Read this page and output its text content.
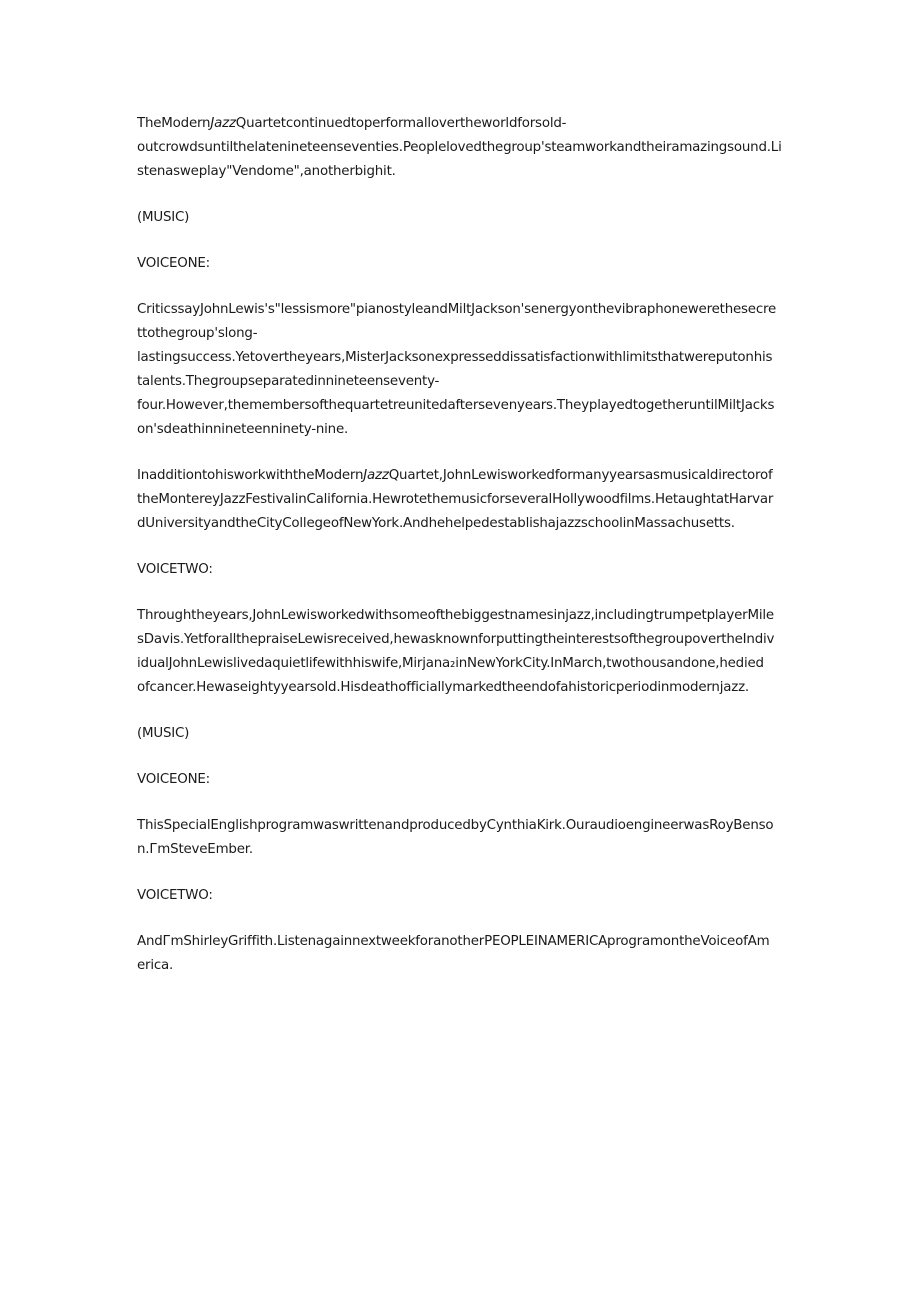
TheModernJazzQuartetcontinuedtoperformallovertheworldforsold-
outcrowdsuntilthelatenineteenseventies.Peoplelovedthegroup'steamworkandtheiramazingsound.Li
stenasweplay"Vendome",anotherbighit.

(MUSIC)

VOICEONE:

CriticssayJohnLewis's"lessismore"pianostyleandMiltJackson'senergyonthevibraphonewerethesecre
ttothegroup'slong-
lastingsuccess.Yetovertheyears,MisterJacksonexpresseddissatisfactionwithlimitsthatwereputonhis
talents.Thegroupseparatedinnineteenseventy-
four.However,themembersofthequartetreunitedaftersevenyears.TheyplayedtogetheruntilMiltJacks
on'sdeathinnineteenninety-nine.

InadditiontohisworkwiththeModernJazzQuartet,JohnLewisworkedformanyyearsasmusicaldirectorof
theMontereyJazzFestivalinCalifornia.HewrotethemusicforseveralHollywoodfilms.HetaughtatHarvar
dUniversityandtheCityCollegeofNewYork.AndhehelpedestablishajazzschoolinMassachusetts.

VOICETWO:

Throughtheyears,JohnLewisworkedwithsomeofthebiggestnamesinjazz,includingtrumpetplayerMile
sDavis.YetforallthepraiseLewisreceived,hewasknownforputtingtheinterestsofthegroupovertheIndiv
idualJohnLewislivedaquietlifewithhiswife,Mirjana₂inNewYorkCity.InMarch,twothousandone,hedied
ofcancer.Hewaseightyyearsold.Hisdeathofficiallymarkedtheendofahistoricperiodinmodernjazz.

(MUSIC)

VOICEONE:

ThisSpecialEnglishprogramwaswrittenandproducedbyCynthiaKirk.OuraudioengineerwasRoyBenso
n.ГmSteveEmber.

VOICETWO:

AndГmShirleyGriffith.ListenagainnextweekforanotherPEOPLEINAMERICAprogramontheVoiceofAm
erica.
